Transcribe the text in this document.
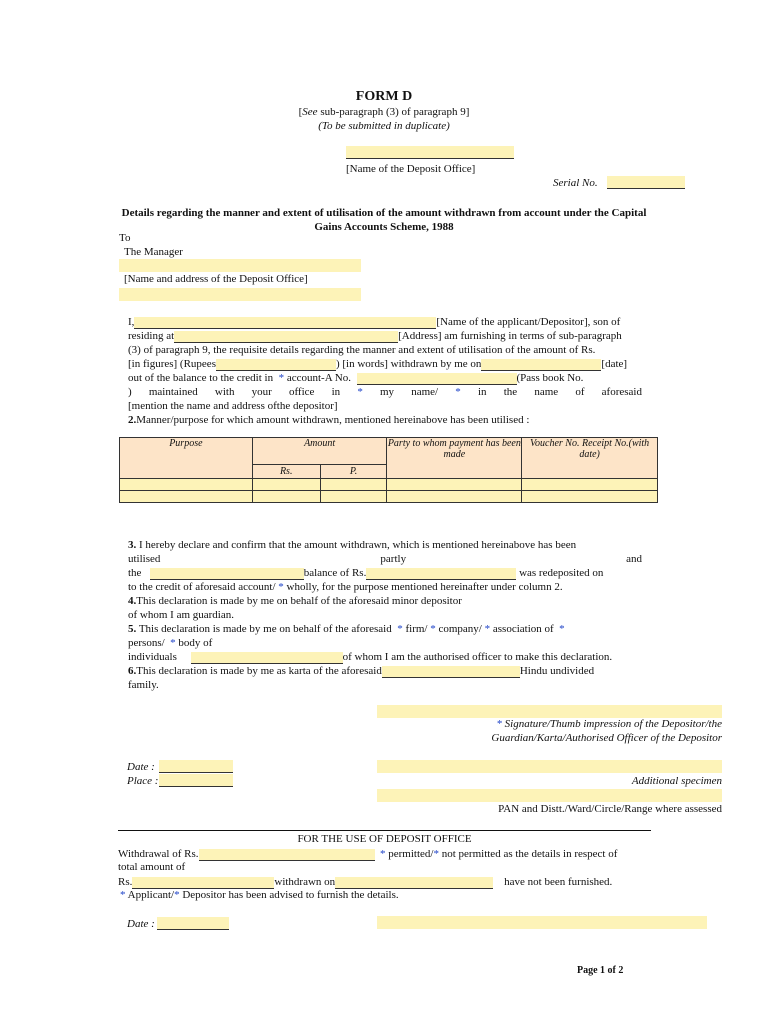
FORM D
[See sub-paragraph (3) of paragraph 9]
(To be submitted in duplicate)
[Name of the Deposit Office]
Serial No.
Details regarding the manner and extent of utilisation of the amount withdrawn from account under the Capital Gains Accounts Scheme, 1988
To
The Manager
[Name and address of the Deposit Office]
I,	[Name of the applicant/Depositor], son of
residing at	[Address] am furnishing in terms of sub-paragraph
(3) of paragraph 9, the requisite details regarding the manner and extent of utilisation of the amount of Rs.
[in figures] (Rupees	) [in words] withdrawn by me on	[date]
out of the balance to the credit in * account-A No.	(Pass book No.
) maintained with your office in * my name/ * in the name of aforesaid
[mention the name and address ofthe depositor]
2.Manner/purpose for which amount withdrawn, mentioned hereinabove has been utilised :
Purpose	Amount		Party to whom payment has been made	Voucher No. Receipt No.(with date)
	Rs.	P.		

3. I hereby declare and confirm that the amount withdrawn, which is mentioned hereinabove has been
utilised	partly	and
the	balance of Rs.	was redeposited on
to the credit of aforesaid account/ * wholly, for the purpose mentioned hereinafter under column 2.
4.This declaration is made by me on behalf of the aforesaid minor depositor
of whom I am guardian.
5. This declaration is made by me on behalf of the aforesaid * firm/ * company/ * association of *
persons/ * body of
individuals	of whom I am the authorised officer to make this declaration.
6.This declaration is made by me as karta of the aforesaid	Hindu undivided
family.
* Signature/Thumb impression of the Depositor/the
Guardian/Karta/Authorised Officer of the Depositor
Date :
Place :	Additional specimen
PAN and Distt./Ward/Circle/Range where assessed
FOR THE USE OF DEPOSIT OFFICE
Withdrawal of Rs.	* permitted/* not permitted as the details in respect of
total amount of
Rs.	withdrawn on	have not been furnished.
* Applicant/* Depositor has been advised to furnish the details.
Date :
Page 1 of 2
